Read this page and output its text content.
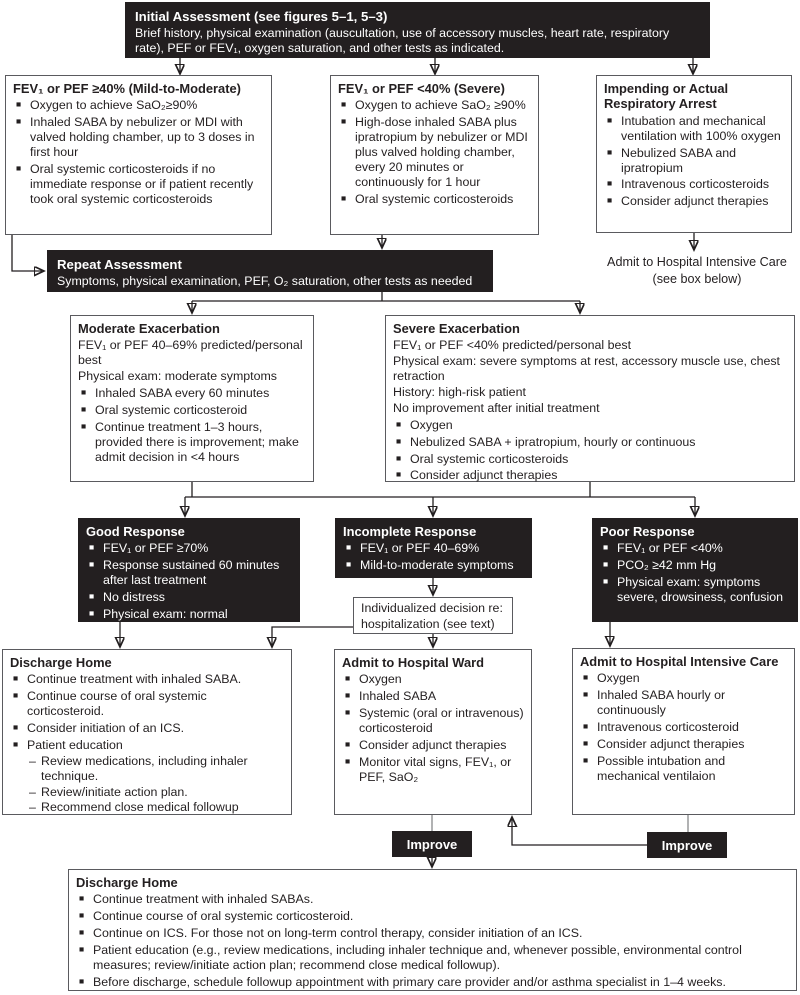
Initial Assessment (see figures 5–1, 5–3)
Brief history, physical examination (auscultation, use of accessory muscles, heart rate, respiratory rate), PEF or FEV₁, oxygen saturation, and other tests as indicated.
FEV₁ or PEF ≥40% (Mild-to-Moderate)
■ Oxygen to achieve SaO₂≥90%
■ Inhaled SABA by nebulizer or MDI with valved holding chamber, up to 3 doses in first hour
■ Oral systemic corticosteroids if no immediate response or if patient recently took oral systemic corticosteroids
FEV₁ or PEF <40% (Severe)
■ Oxygen to achieve SaO₂ ≥90%
■ High-dose inhaled SABA plus ipratropium by nebulizer or MDI plus valved holding chamber, every 20 minutes or continuously for 1 hour
■ Oral systemic corticosteroids
Impending or Actual Respiratory Arrest
■ Intubation and mechanical ventilation with 100% oxygen
■ Nebulized SABA and ipratropium
■ Intravenous corticosteroids
■ Consider adjunct therapies
Admit to Hospital Intensive Care
(see box below)
Repeat Assessment
Symptoms, physical examination, PEF, O₂ saturation, other tests as needed
Moderate Exacerbation
FEV₁ or PEF 40–69% predicted/personal best
Physical exam: moderate symptoms
■ Inhaled SABA every 60 minutes
■ Oral systemic corticosteroid
■ Continue treatment 1–3 hours, provided there is improvement; make admit decision in <4 hours
Severe Exacerbation
FEV₁ or PEF <40% predicted/personal best
Physical exam: severe symptoms at rest, accessory muscle use, chest retraction
History: high-risk patient
No improvement after initial treatment
■ Oxygen
■ Nebulized SABA + ipratropium, hourly or continuous
■ Oral systemic corticosteroids
■ Consider adjunct therapies
Good Response
■ FEV₁ or PEF ≥70%
■ Response sustained 60 minutes after last treatment
■ No distress
■ Physical exam: normal
Incomplete Response
■ FEV₁ or PEF 40–69%
■ Mild-to-moderate symptoms
Poor Response
■ FEV₁ or PEF <40%
■ PCO₂ ≥42 mm Hg
■ Physical exam: symptoms severe, drowsiness, confusion
Individualized decision re:
hospitalization (see text)
Discharge Home
■ Continue treatment with inhaled SABA.
■ Continue course of oral systemic corticosteroid.
■ Consider initiation of an ICS.
■ Patient education
– Review medications, including inhaler technique.
– Review/initiate action plan.
– Recommend close medical followup
Admit to Hospital Ward
■ Oxygen
■ Inhaled SABA
■ Systemic (oral or intravenous) corticosteroid
■ Consider adjunct therapies
■ Monitor vital signs, FEV₁, or PEF, SaO₂
Admit to Hospital Intensive Care
■ Oxygen
■ Inhaled SABA hourly or continuously
■ Intravenous corticosteroid
■ Consider adjunct therapies
■ Possible intubation and mechanical ventilaion
Improve	Improve
Discharge Home
■ Continue treatment with inhaled SABAs.
■ Continue course of oral systemic corticosteroid.
■ Continue on ICS. For those not on long-term control therapy, consider initiation of an ICS.
■ Patient education (e.g., review medications, including inhaler technique and, whenever possible, environmental control measures; review/initiate action plan; recommend close medical followup).
■ Before discharge, schedule followup appointment with primary care provider and/or asthma specialist in 1–4 weeks.
